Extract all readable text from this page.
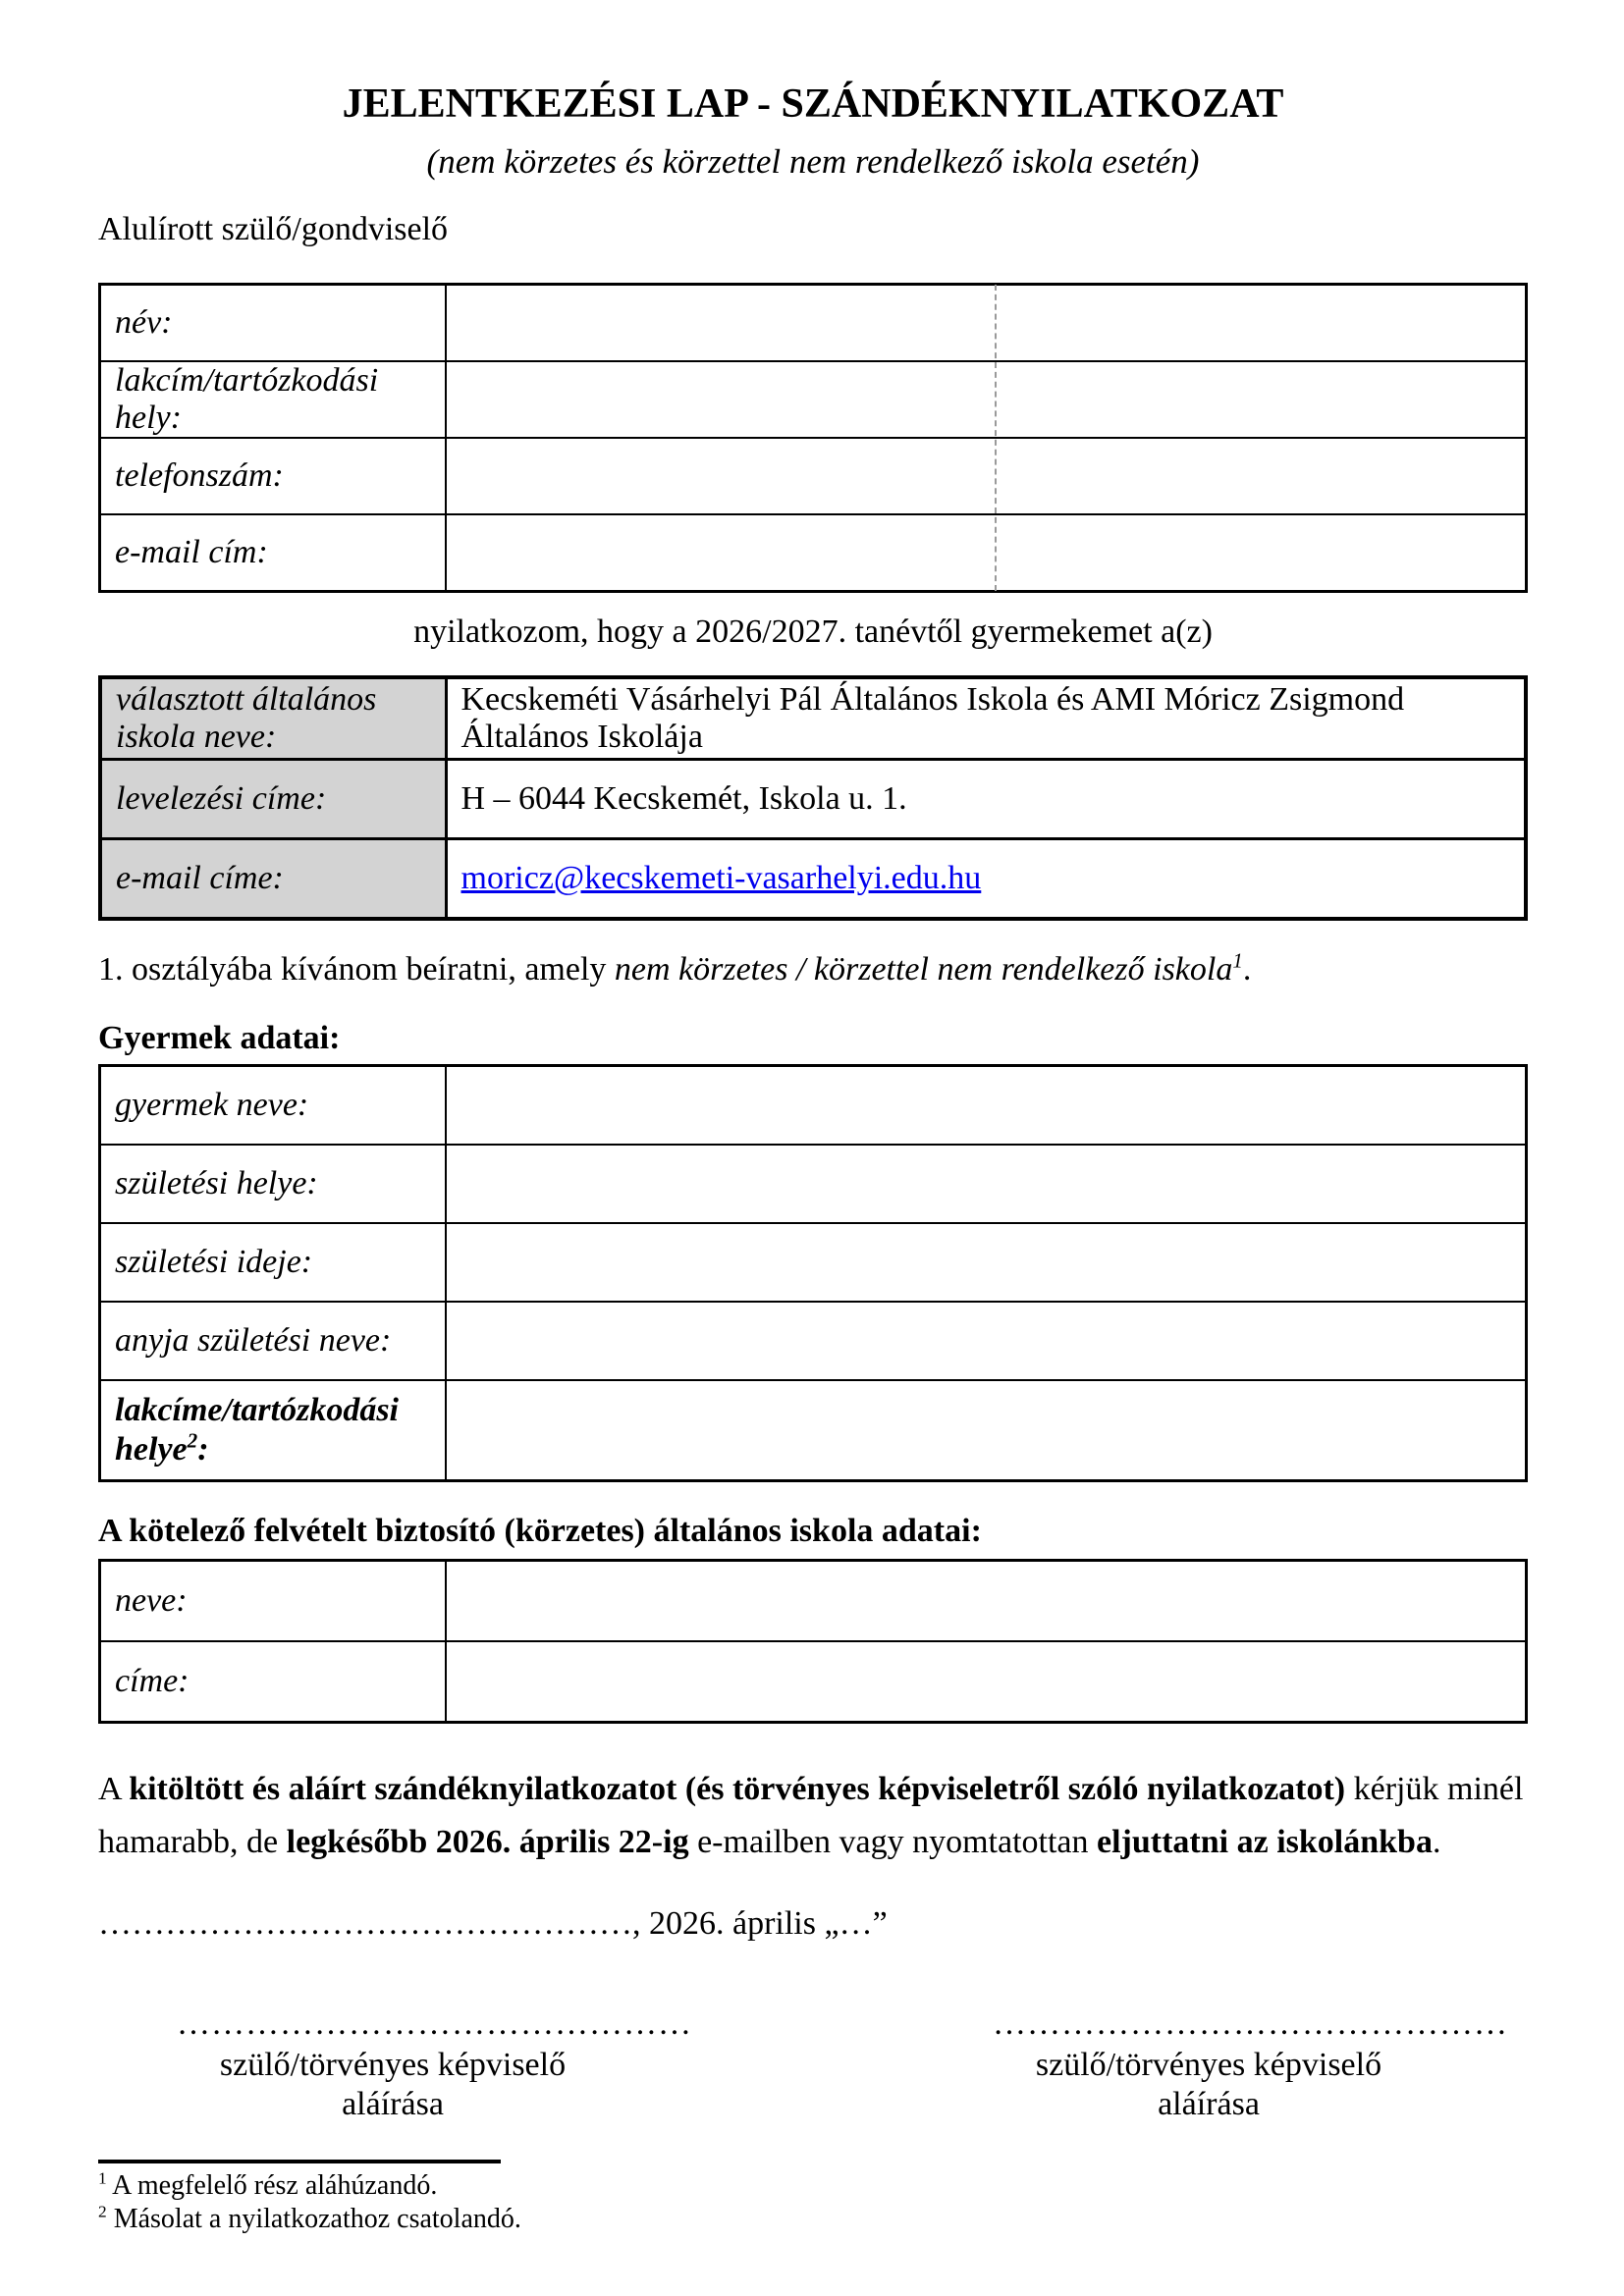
JELENTKEZÉSI LAP - SZÁNDÉKNYILATKOZAT
(nem körzetes és körzettel nem rendelkező iskola esetén)
Alulírott szülő/gondviselő
név:	
lakcím/tartózkodási hely:	
telefonszám:	
e-mail cím:	
nyilatkozom, hogy a 2026/2027. tanévtől gyermekemet a(z)
választott általános iskola neve:	Kecskeméti Vásárhelyi Pál Általános Iskola és AMI Móricz Zsigmond Általános Iskolája
levelezési címe:	H – 6044 Kecskemét, Iskola u. 1.
e-mail címe:	moricz@kecskemeti-vasarhelyi.edu.hu
1. osztályába kívánom beíratni, amely nem körzetes / körzettel nem rendelkező iskola$^1$.
Gyermek adatai:
gyermek neve:	
születési helye:	
születési ideje:	
anyja születési neve:	
lakcíme/tartózkodási helye$^2$:	
A kötelező felvételt biztosító (körzetes) általános iskola adatai:
neve:	
címe:	
A kitöltött és aláírt szándéknyilatkozatot (és törvényes képviseletről szóló nyilatkozatot) kérjük minél hamarabb, de legkésőbb 2026. április 22-ig e-mailben vagy nyomtatottan eljuttatni az iskolánkba.
…………………………………………, 2026. április „…”
………………………………………
szülő/törvényes képviselő aláírása
………………………………………
szülő/törvényes képviselő aláírása

$^1$ A megfelelő rész aláhúzandó.

$^2$ Másolat a nyilatkozathoz csatolandó.
